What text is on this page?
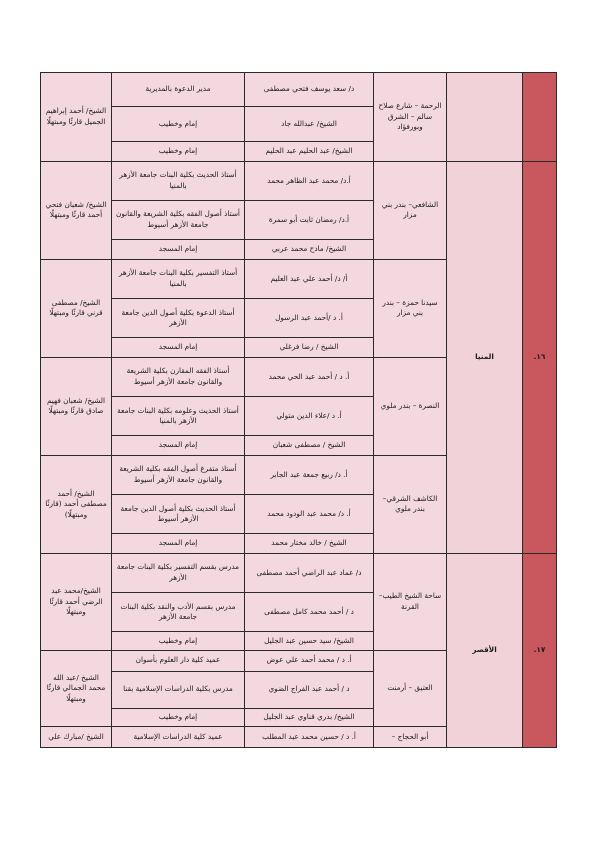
		الرحمة – شارع صلاح سالم – الشرق وبورفؤاد	د/ سعد يوسف فتحي مصطفى	مدير الدعوة بالمديرية	الشيخ/ أحمد إبراهيم الجميل قارئًا ومبتهلًا
			الشيخ/ عبدالله جاد	إمام وخطيب	
			الشيخ/ عبد الحليم عبد الحليم	إمام وخطيب	
١٦.	المنيا	الشافعي– بندر بني مزار	أ.د/ محمد عبد الظاهر محمد	أستاذ الحديث بكلية البنات جامعة الأزهر بالمنيا	الشيخ/ شعبان فتحي أحمد قارئًا ومبتهلًا
			أ.د/ رمضان ثابت أبو سمرة	أستاذ أصول الفقه بكلية الشريعة والقانون جامعة الأزهر أسيوط	
			الشيخ/ مادح محمد عربي	إمام المسجد	
		سيدنا حمزة – بندر بني مزار	أ/ د/ أحمد علي عبد العليم	أستاذ التفسير بكلية البنات جامعة الأزهر بالمنيا	الشيخ/ مصطفى قرني قارئًا ومبتهلًا
			أ. د /أحمد عبد الرسول	أستاذ الدعوة بكلية أصول الدين جامعة الأزهر	
			الشيخ / رضا فرغلي	إمام المسجد	
		النصرة – بندر ملوي	أ. د / أحمد عبد الحي محمد	أستاذ الفقه المقارن بكلية الشريعة والقانون جامعة الأزهر أسيوط	الشيخ/ شعبان فهيم صادق قارئًا ومبتهلًا
			أ. د /علاء الدين متولي	أستاذ الحديث وعلومه بكلية البنات جامعة الأزهر بالمنيا	
			الشيخ / مصطفى شعبان	إمام المسجد	
		الكاشف الشرقي– بندر ملوي	أ. د/ ربيع جمعة عبد الجابر	أستاذ متفرغ أصول الفقه بكلية الشريعة والقانون جامعة الأزهر أسيوط	الشيخ/ أحمد مصطفى أحمد (قارئًا ومبتهلًا)
			أ. د/ محمد عبد الودود محمد	أستاذ الحديث بكلية أصول الدين جامعة الأزهر أسيوط	
			الشيخ / خالد مختار محمد	إمام المسجد	
١٧.	الأقصر	ساحة الشيخ الطيب– القرنة	د/ عماد عبد الراضي أحمد مصطفى	مدرس بقسم التفسير بكلية البنات جامعة الأزهر	الشيخ/محمد عبد الرضي أحمد قارئًا ومبتهلًا
			د / أحمد محمد كامل مصطفى	مدرس بقسم الأدب والنقد بكلية البنات جامعة الأزهر	
			الشيخ/ سيد حسين عبد الجليل	إمام وخطيب	
		العتيق – أرمنت	أ. د / محمد أحمد علي عوض	عميد كلية دار العلوم بأسوان	الشيخ /عبد الله محمد الجمالي قارئًا ومبتهلًا
			د / أحمد عبد الفراج الضوي	مدرس بكلية الدراسات الإسلامية بقنا	
			الشيخ/ بدري قناوي عبد الجليل	إمام وخطيب	
		أبو الحجاج –	أ. د / حسين محمد عبد المطلب	عميد كلية الدراسات الإسلامية	الشيخ /مبارك علي
